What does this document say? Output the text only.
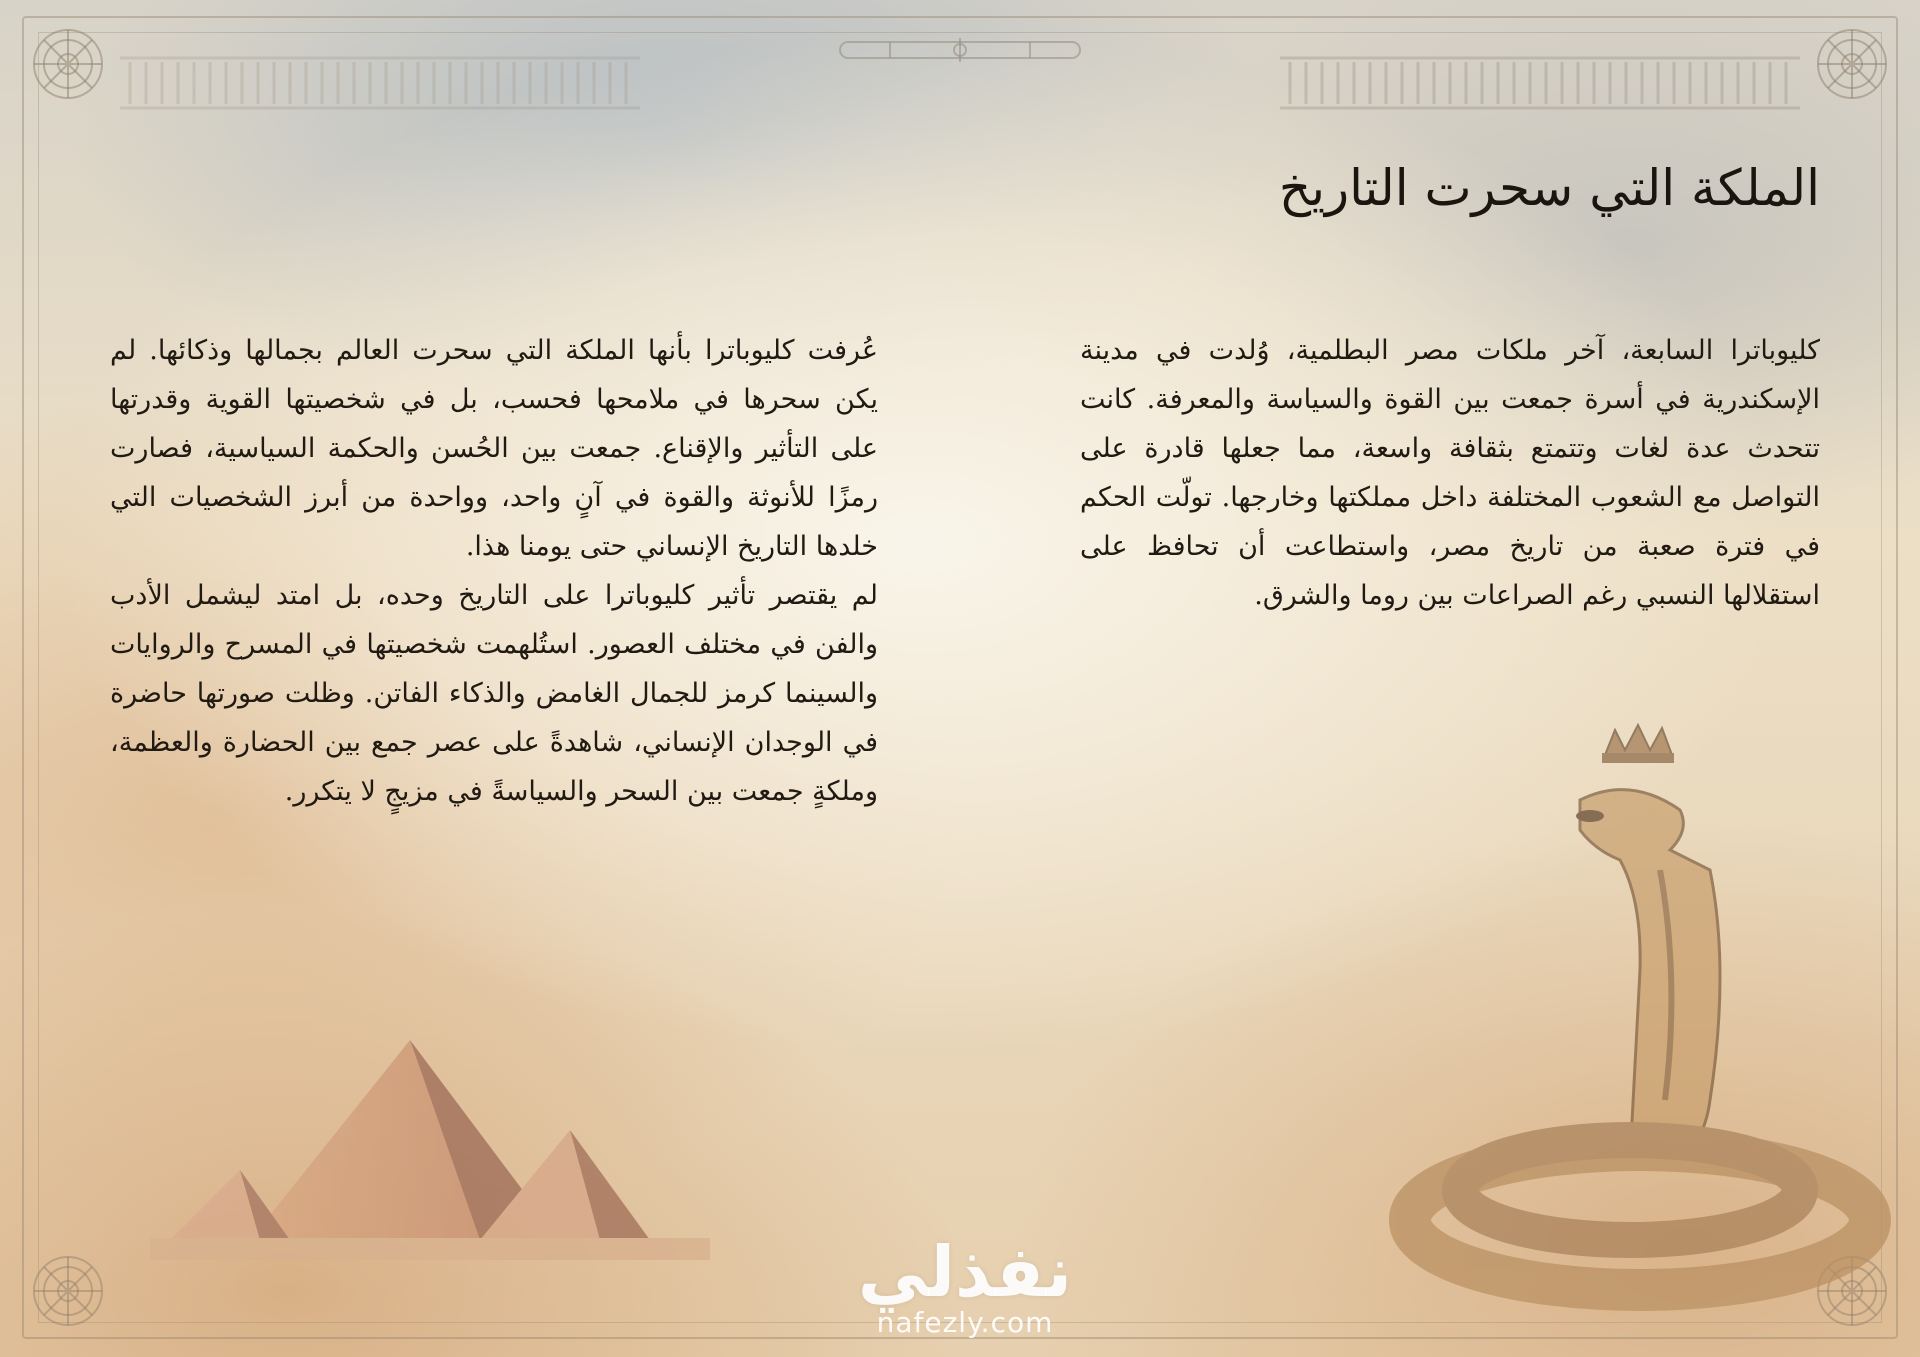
الملكة التي سحرت التاريخ

كليوباترا السابعة، آخر ملكات مصر البطلمية، وُلدت في مدينة الإسكندرية في أسرة جمعت بين القوة والسياسة والمعرفة. كانت تتحدث عدة لغات وتتمتع بثقافة واسعة، مما جعلها قادرة على التواصل مع الشعوب المختلفة داخل مملكتها وخارجها. تولّت الحكم في فترة صعبة من تاريخ مصر، واستطاعت أن تحافظ على استقلالها النسبي رغم الصراعات بين روما والشرق.

عُرفت كليوباترا بأنها الملكة التي سحرت العالم بجمالها وذكائها. لم يكن سحرها في ملامحها فحسب، بل في شخصيتها القوية وقدرتها على التأثير والإقناع. جمعت بين الحُسن والحكمة السياسية، فصارت رمزًا للأنوثة والقوة في آنٍ واحد، وواحدة من أبرز الشخصيات التي خلدها التاريخ الإنساني حتى يومنا هذا.

لم يقتصر تأثير كليوباترا على التاريخ وحده، بل امتد ليشمل الأدب والفن في مختلف العصور. استُلهمت شخصيتها في المسرح والروايات والسينما كرمز للجمال الغامض والذكاء الفاتن. وظلت صورتها حاضرة في الوجدان الإنساني، شاهدةً على عصر جمع بين الحضارة والعظمة، وملكةٍ جمعت بين السحر والسياسةً في مزيجٍ لا يتكرر.

نفذلي
nafezly.com
